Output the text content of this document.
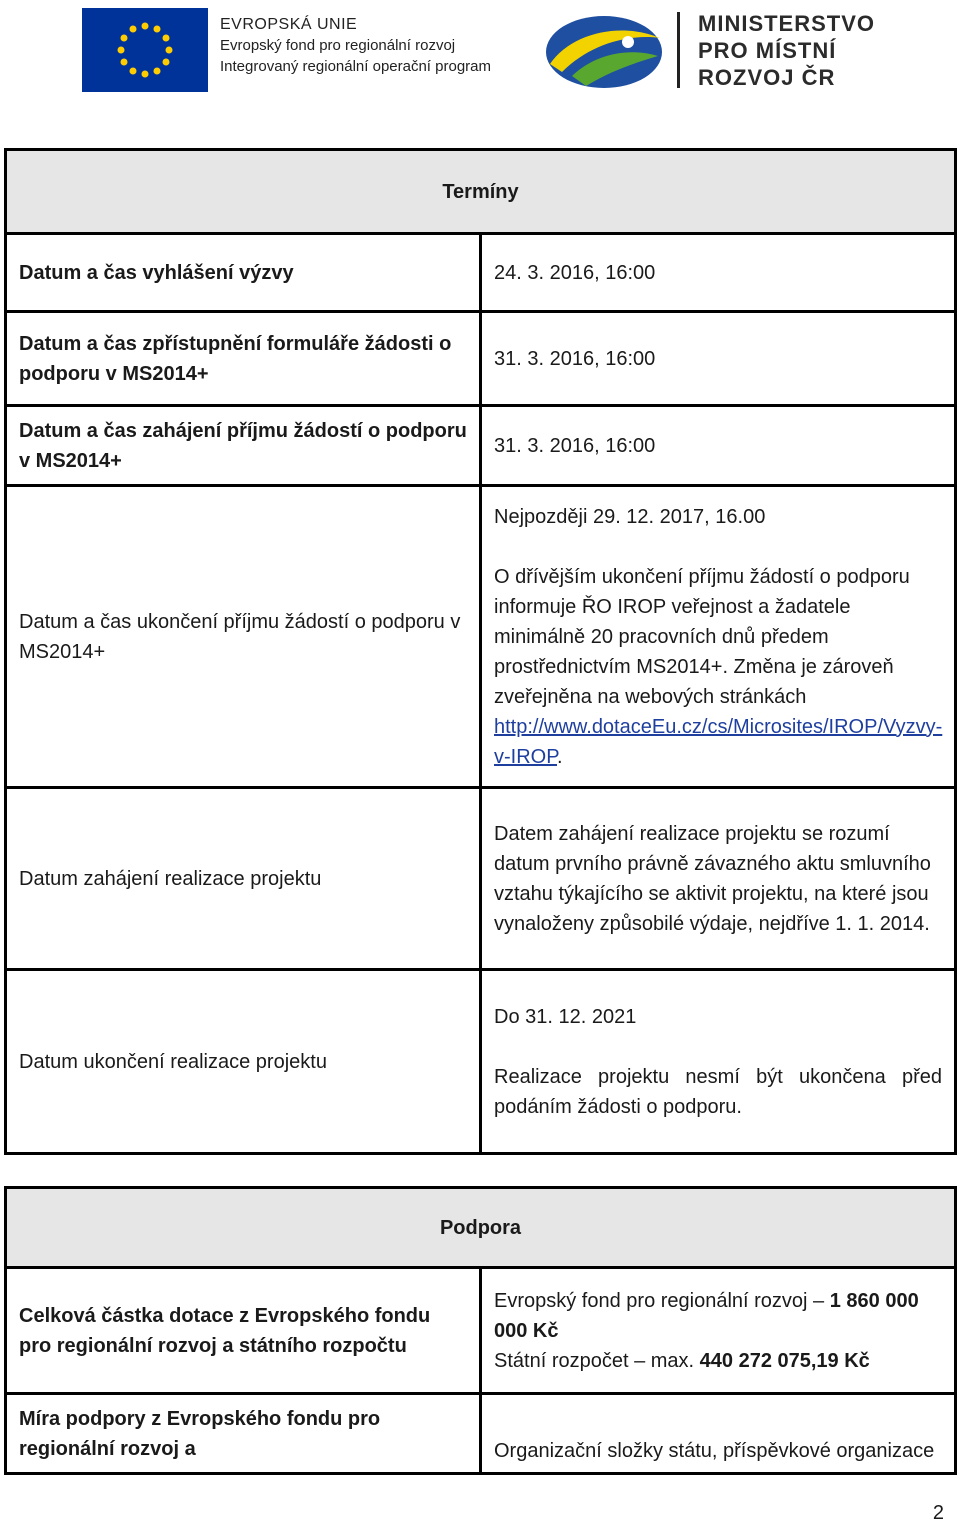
EVROPSKÁ UNIE
Evropský fond pro regionální rozvoj
Integrovaný regionální operační program
MINISTERSTVO
PRO MÍSTNÍ
ROZVOJ ČR
Termíny	
Datum a čas vyhlášení výzvy	24. 3. 2016, 16:00
Datum a čas zpřístupnění formuláře žádosti o podporu v MS2014+	31. 3. 2016, 16:00
Datum a čas zahájení příjmu žádostí o podporu v MS2014+	31. 3. 2016, 16:00
Datum a čas ukončení příjmu žádostí o podporu v MS2014+	Nejpozději 29. 12. 2017, 16.00
O dřívějším ukončení příjmu žádostí o podporu informuje ŘO IROP veřejnost a žadatele minimálně 20 pracovních dnů předem prostřednictvím MS2014+. Změna je zároveň zveřejněna na webových stránkách http://www.dotaceEu.cz/cs/Microsites/IROP/Vyzvy-v-IROP.

Datum zahájení realizace projektu	Datem zahájení realizace projektu se rozumí datum prvního právně závazného aktu smluvního vztahu týkajícího se aktivit projektu, na které jsou vynaloženy způsobilé výdaje, nejdříve 1. 1. 2014.
Datum ukončení realizace projektu	Do 31. 12. 2021
Realizace projektu nesmí být ukončena před podáním žádosti o podporu.
Podpora	
Celková částka dotace z Evropského fondu pro regionální rozvoj a státního rozpočtu	Evropský fond pro regionální rozvoj – 1 860 000 000 Kč
Státní rozpočet – max. 440 272 075,19 Kč

Míra podpory z Evropského fondu pro regionální rozvoj a	Organizační složky státu, příspěvkové organizace
2
